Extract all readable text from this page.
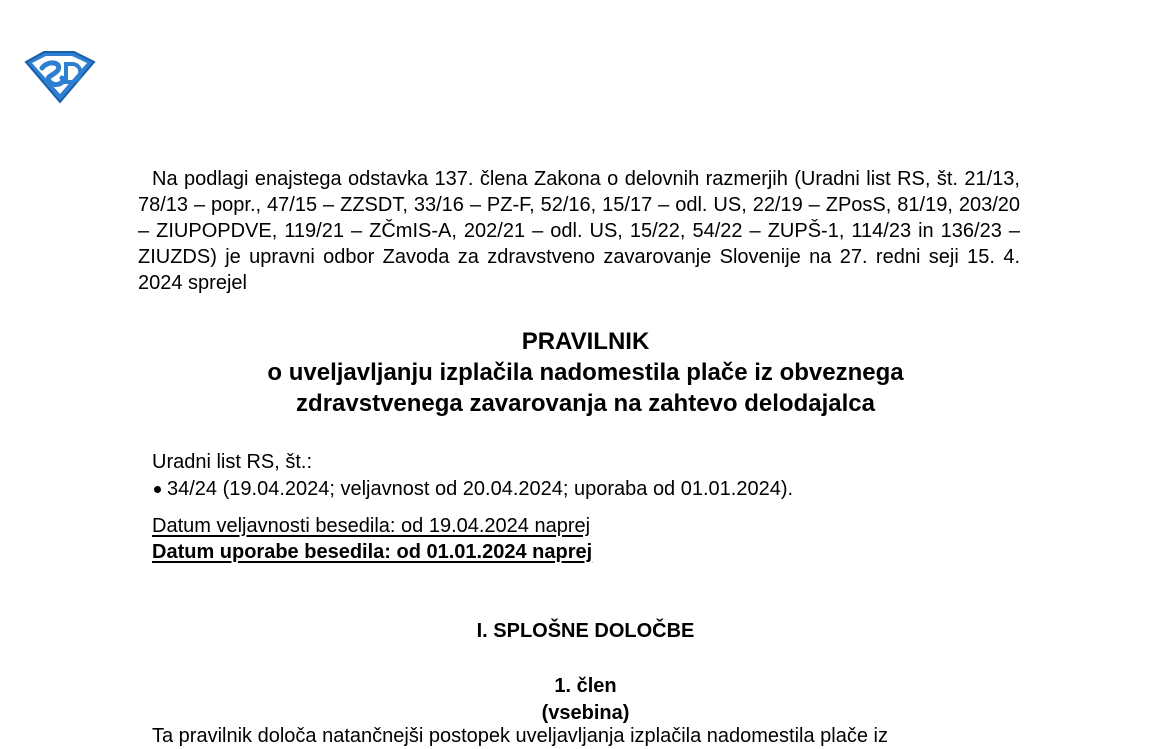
Na podlagi enajstega odstavka 137. člena Zakona o delovnih razmerjih (Uradni list RS, št. 21/13, 78/13 – popr., 47/15 – ZZSDT, 33/16 – PZ-F, 52/16, 15/17 – odl. US, 22/19 – ZPosS, 81/19, 203/20 – ZIUPOPDVE, 119/21 – ZČmIS-A, 202/21 – odl. US, 15/22, 54/22 – ZUPŠ-1, 114/23 in 136/23 – ZIUZDS) je upravni odbor Zavoda za zdravstveno zavarovanje Slovenije na 27. redni seji 15. 4. 2024 sprejel

PRAVILNIK
o uveljavljanju izplačila nadomestila plače iz obveznega
zdravstvenega zavarovanja na zahtevo delodajalca
Uradni list RS, št.:
34/24 (19.04.2024; veljavnost od 20.04.2024; uporaba od 01.01.2024).
Datum veljavnosti besedila: od 19.04.2024 naprej
Datum uporabe besedila: od 01.01.2024 naprej
I. SPLOŠNE DOLOČBE
1. člen
(vsebina)
Ta pravilnik določa natančnejši postopek uveljavljanja izplačila nadomestila plače iz
